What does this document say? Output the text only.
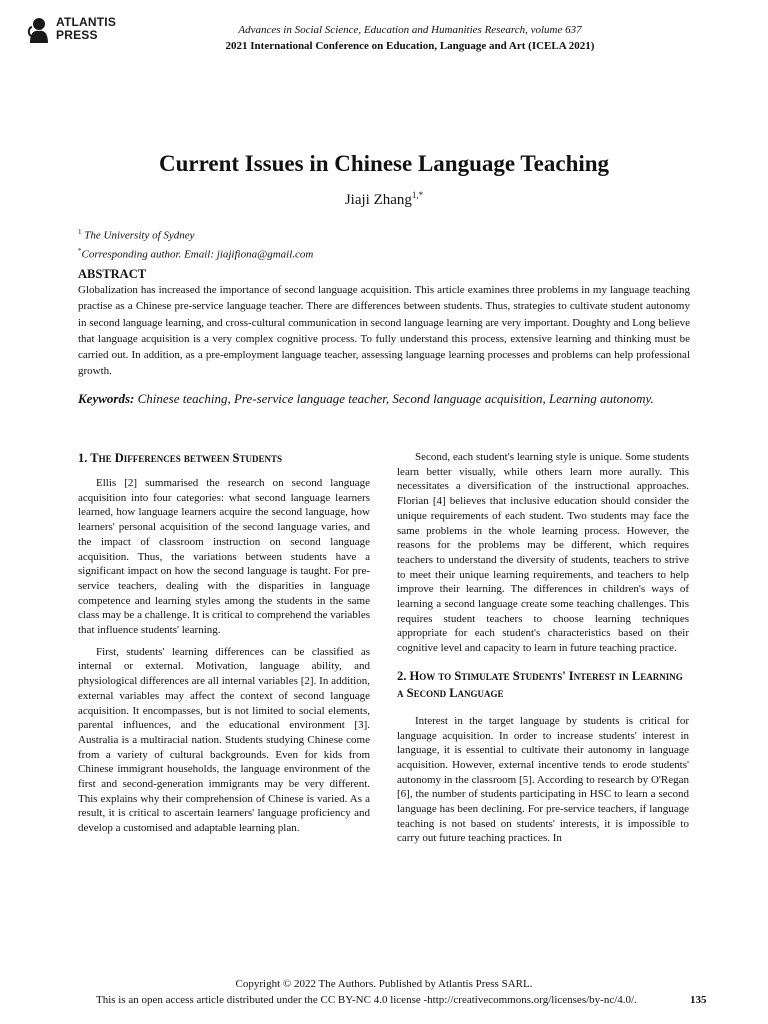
ATLANTIS
PRESS	Advances in Social Science, Education and Humanities Research, volume 637
2021 International Conference on Education, Language and Art (ICELA 2021)
Current Issues in Chinese Language Teaching
Jiaji Zhang$^{1,*}$
$^1$ The University of Sydney
*Corresponding author. Email: jiajifiona@gmail.com
ABSTRACT
Globalization has increased the importance of second language acquisition. This article examines three problems in my language teaching practise as a Chinese pre-service language teacher. There are differences between students. Thus, strategies to cultivate student autonomy in second language learning, and cross-cultural communication in second language learning are very important. Doughty and Long believe that language acquisition is a very complex cognitive process. To fully understand this process, extensive learning and thinking must be carried out. In addition, as a pre-employment language teacher, assessing language learning processes and problems can help professional growth.
Keywords: Chinese teaching, Pre-service language teacher, Second language acquisition, Learning autonomy.
1. The Differences between Students

Ellis [2] summarised the research on second language acquisition into four categories: what second language learners learned, how language learners acquire the second language, how learners' personal acquisition of the second language varies, and the impact of classroom instruction on second language acquisition. Thus, the variations between students have a significant impact on how the second language is taught. For pre-service teachers, dealing with the disparities in language competence and learning styles among the students in the same class may be a challenge. It is critical to comprehend the variables that influence students' learning.

First, students' learning differences can be classified as internal or external. Motivation, language ability, and physiological differences are all internal variables [2]. In addition, external variables may affect the context of second language acquisition. It encompasses, but is not limited to social elements, parental influences, and the educational environment [3]. Australia is a multiracial nation. Students studying Chinese come from a variety of cultural backgrounds. Even for kids from Chinese immigrant households, the language environment of the first and second-generation immigrants may be very different. This explains why their comprehension of Chinese is varied. As a result, it is critical to ascertain learners' language proficiency and develop a customised and adaptable learning plan.

Second, each student's learning style is unique. Some students learn better visually, while others learn more aurally. This necessitates a diversification of the instructional approaches. Florian [4] believes that inclusive education should consider the unique requirements of each student. Two students may face the same problems in the whole learning process. However, the reasons for the problems may be different, which requires teachers to understand the diversity of students, teachers to strive to meet their unique learning requirements, and teachers to help improve their learning. The differences in children's ways of learning a second language create some teaching challenges. This requires student teachers to choose learning techniques appropriate for each student's characteristics based on their cognitive level and capacity to learn in future teaching practice.

2. How to Stimulate Students' Interest in Learning a Second Language

Interest in the target language by students is critical for language acquisition. In order to increase students' interest in language, it is essential to cultivate their autonomy in language acquisition. However, external incentive tends to erode students' autonomy in the classroom [5]. According to research by O'Regan [6], the number of students participating in HSC to learn a second language has been declining. For pre-service teachers, if language teaching is not based on students' interests, it is impossible to carry out future teaching practices. In

Copyright © 2022 The Authors. Published by Atlantis Press SARL.
This is an open access article distributed under the CC BY-NC 4.0 license -http://creativecommons.org/licenses/by-nc/4.0/.	135
